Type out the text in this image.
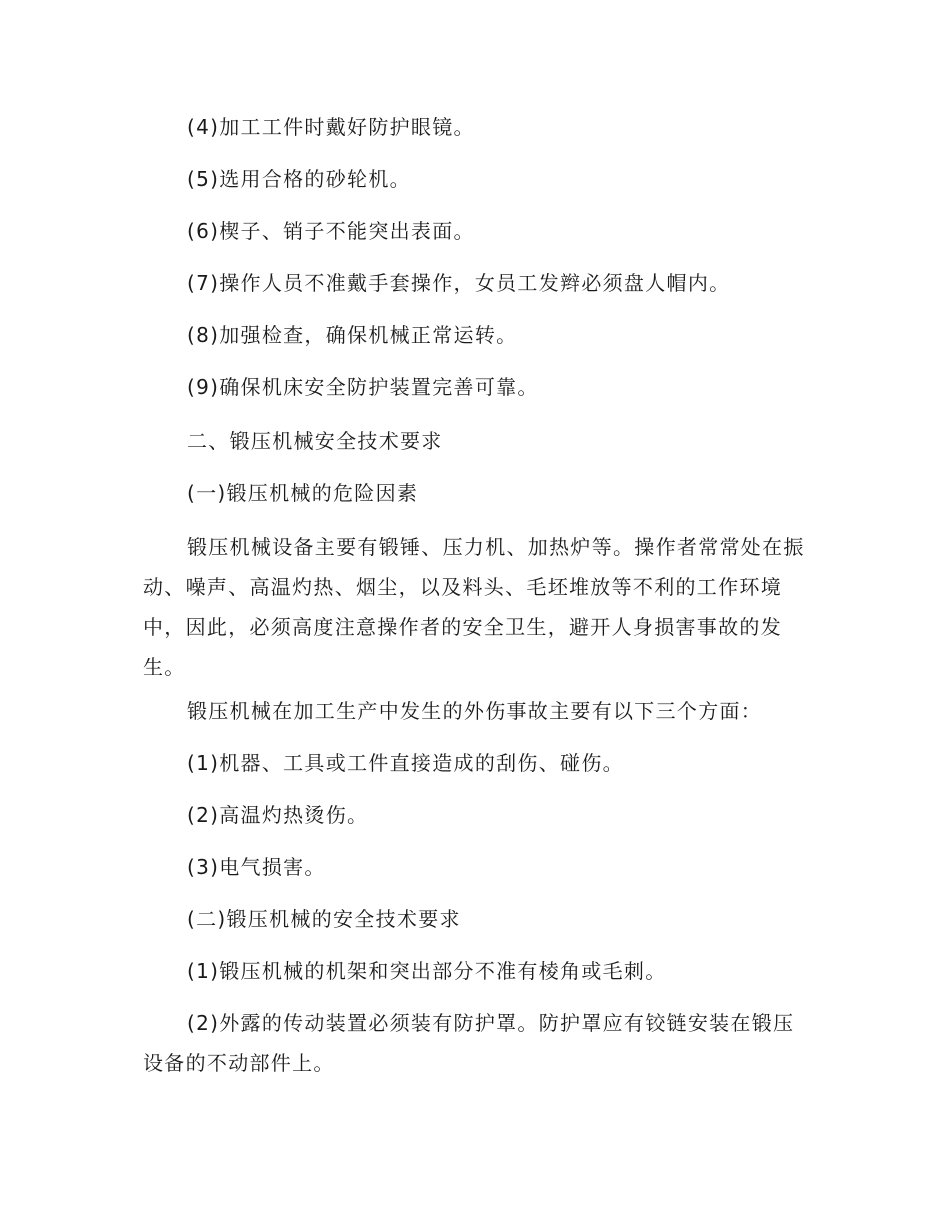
(4)加工工件时戴好防护眼镜。

(5)选用合格的砂轮机。

(6)楔子、销子不能突出表面。

(7)操作人员不准戴手套操作，女员工发辫必须盘人帽内。

(8)加强检查，确保机械正常运转。

(9)确保机床安全防护装置完善可靠。

二、锻压机械安全技术要求

(一)锻压机械的危险因素

锻压机械设备主要有锻锤、压力机、加热炉等。操作者常常处在振动、噪声、高温灼热、烟尘，以及料头、毛坯堆放等不利的工作环境中，因此，必须高度注意操作者的安全卫生，避开人身损害事故的发生。

锻压机械在加工生产中发生的外伤事故主要有以下三个方面：

(1)机器、工具或工件直接造成的刮伤、碰伤。

(2)高温灼热烫伤。

(3)电气损害。

(二)锻压机械的安全技术要求

(1)锻压机械的机架和突出部分不准有棱角或毛刺。

(2)外露的传动装置必须装有防护罩。防护罩应有铰链安装在锻压设备的不动部件上。
